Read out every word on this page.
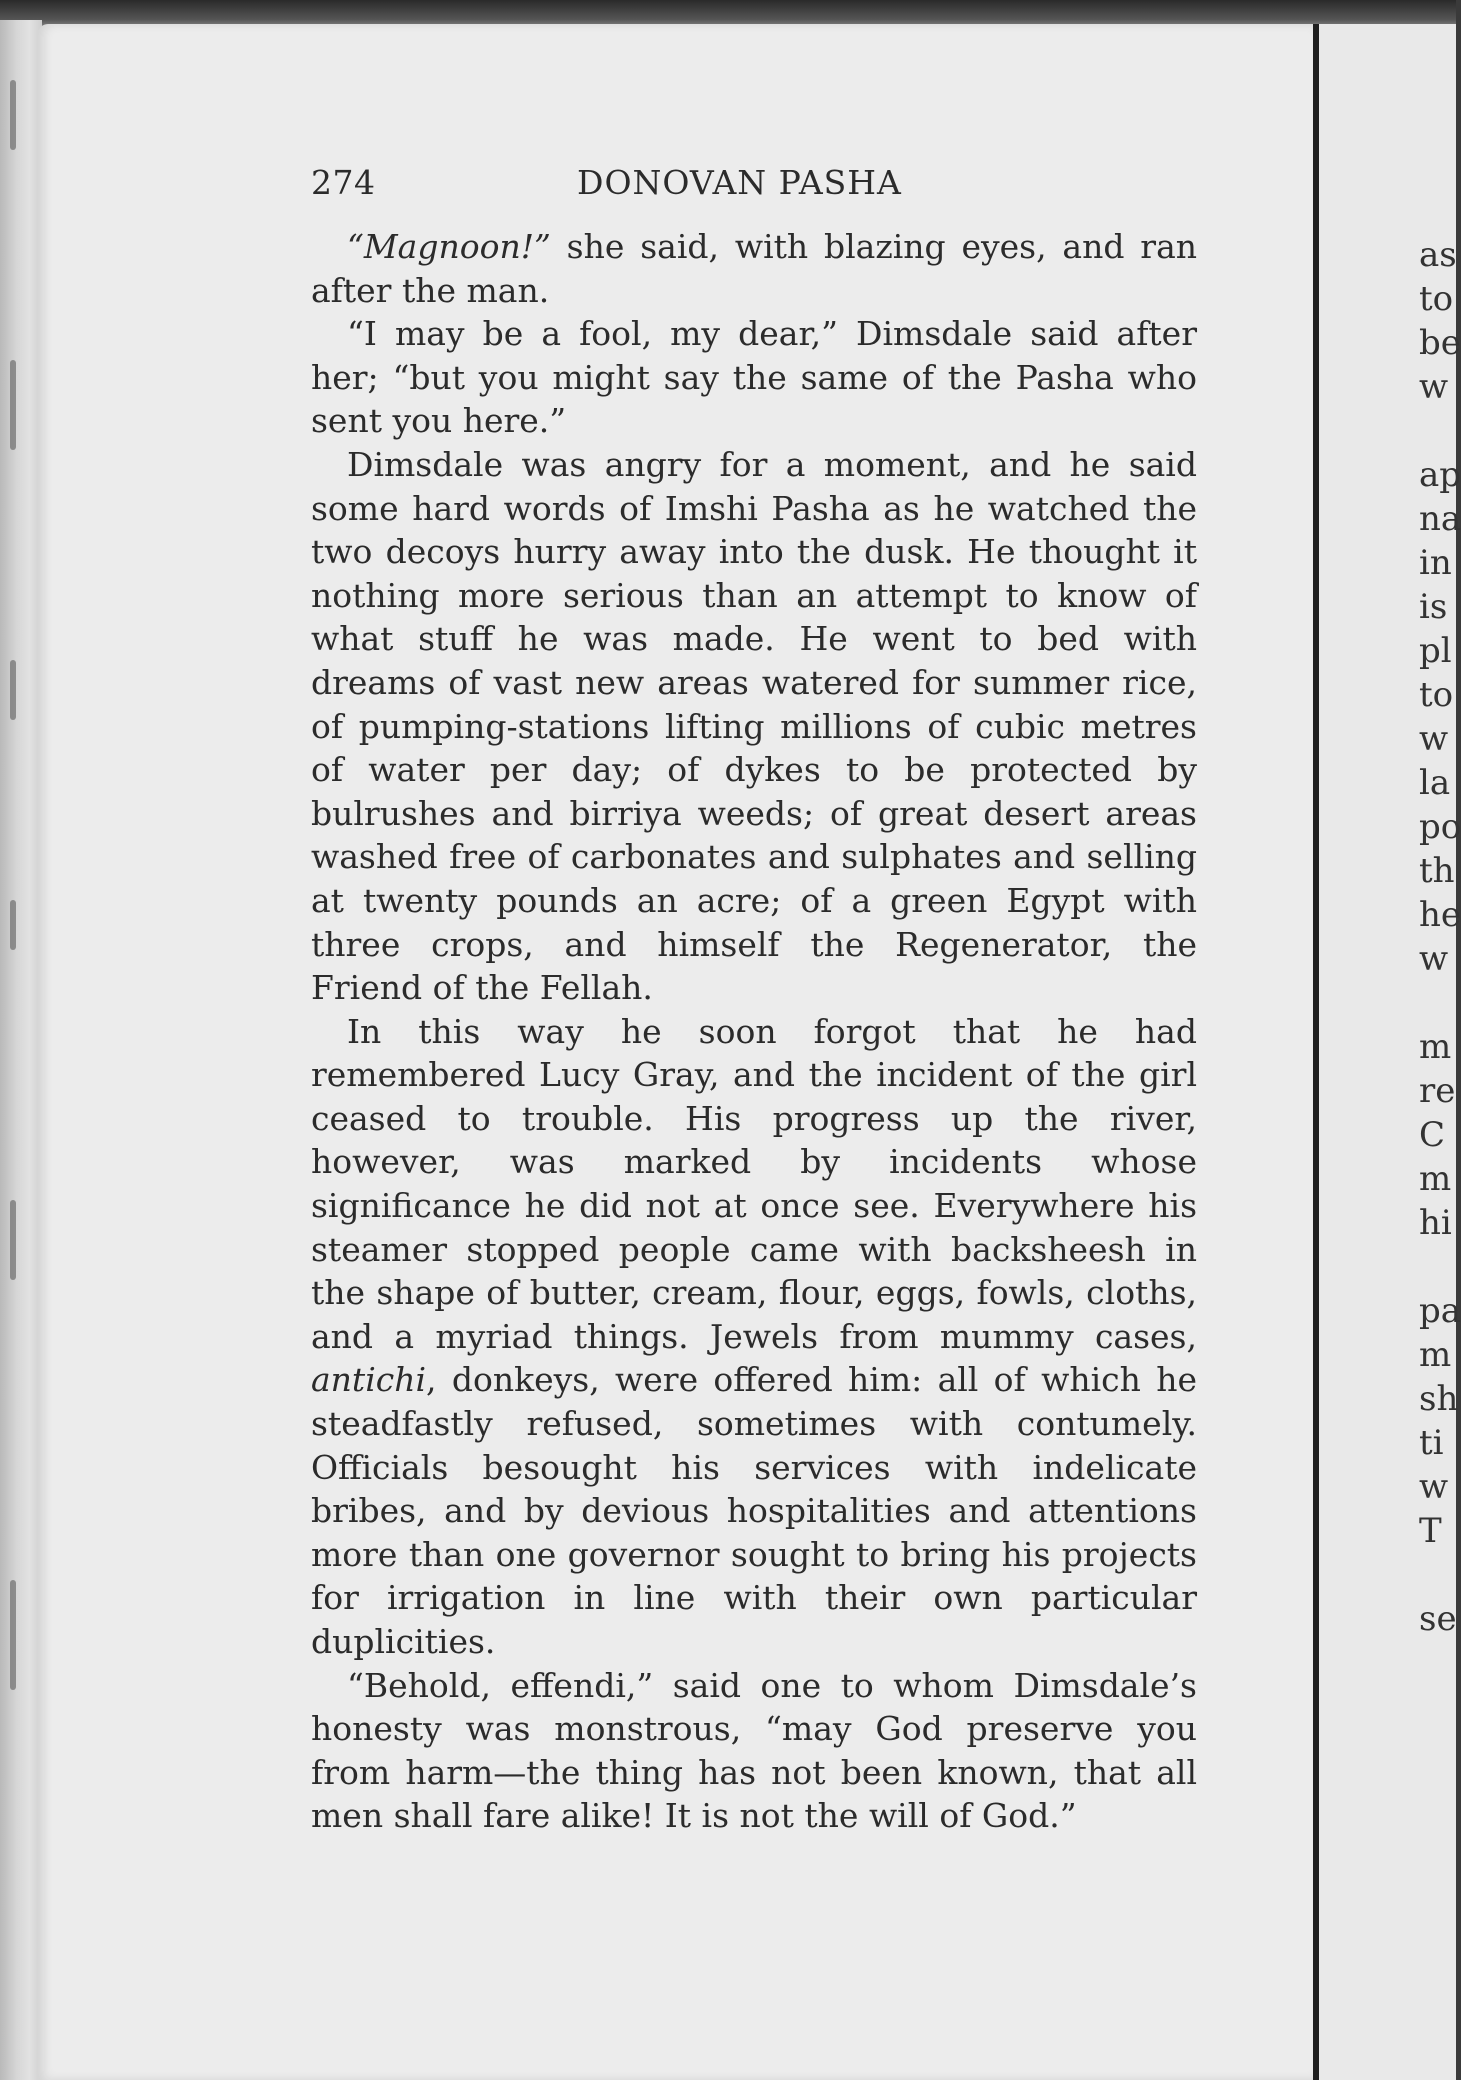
as
to
be
w
ap
na
in
is
pl
to
w
la
po
th
he
w
m
re
C
m
hi
pa
m
sh
ti
w
T
se
274	DONOVAN PASHA

“Magnoon!” she said, with blazing eyes, and ran after the man.

“I may be a fool, my dear,” Dimsdale said after her; “but you might say the same of the Pasha who sent you here.”

Dimsdale was angry for a moment, and he said some hard words of Imshi Pasha as he watched the two decoys hurry away into the dusk. He thought it nothing more serious than an attempt to know of what stuff he was made. He went to bed with dreams of vast new areas watered for summer rice, of pumping-stations lifting millions of cubic metres of water per day; of dykes to be protected by bulrushes and birriya weeds; of great desert areas washed free of carbonates and sulphates and selling at twenty pounds an acre; of a green Egypt with three crops, and himself the Regenerator, the Friend of the Fellah.

In this way he soon forgot that he had remembered Lucy Gray, and the incident of the girl ceased to trouble. His progress up the river, however, was marked by incidents whose significance he did not at once see. Everywhere his steamer stopped people came with backsheesh in the shape of butter, cream, flour, eggs, fowls, cloths, and a myriad things. Jewels from mummy cases, antichi, donkeys, were offered him: all of which he steadfastly refused, sometimes with contumely. Officials besought his services with indelicate bribes, and by devious hospitalities and attentions more than one governor sought to bring his projects for irrigation in line with their own particular duplicities.

“Behold, effendi,” said one to whom Dimsdale’s honesty was monstrous, “may God preserve you from harm—the thing has not been known, that all men shall fare alike! It is not the will of God.”
